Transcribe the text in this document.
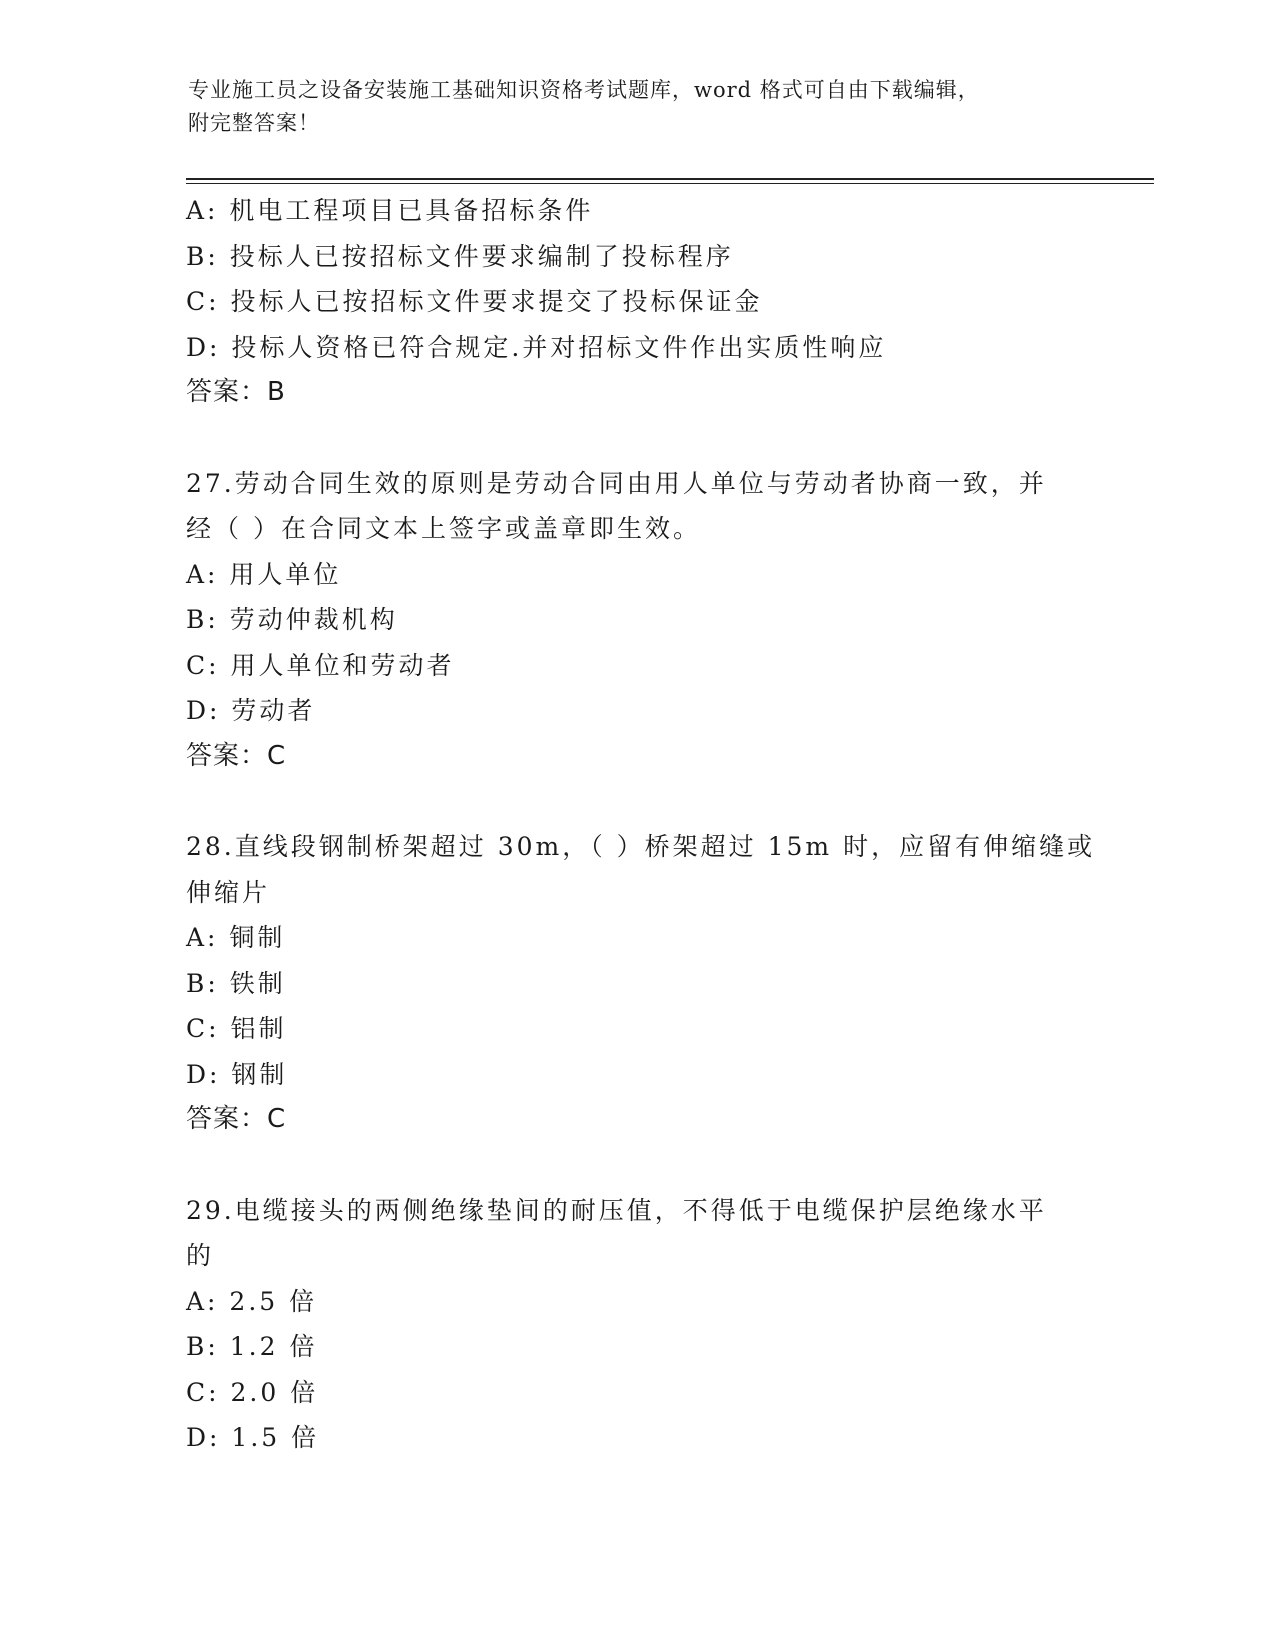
专业施工员之设备安装施工基础知识资格考试题库，word 格式可自由下载编辑，
附完整答案！
A: 机电工程项目已具备招标条件
B: 投标人已按招标文件要求编制了投标程序
C: 投标人已按招标文件要求提交了投标保证金
D: 投标人资格已符合规定.并对招标文件作出实质性响应
答案：B
27.劳动合同生效的原则是劳动合同由用人单位与劳动者协商一致，并
经（ ）在合同文本上签字或盖章即生效。
A: 用人单位
B: 劳动仲裁机构
C: 用人单位和劳动者
D: 劳动者
答案：C
28.直线段钢制桥架超过 30m，（ ）桥架超过 15m 时，应留有伸缩缝或
伸缩片
A: 铜制
B: 铁制
C: 铝制
D: 钢制
答案：C
29.电缆接头的两侧绝缘垫间的耐压值，不得低于电缆保护层绝缘水平
的
A: 2.5 倍
B: 1.2 倍
C: 2.0 倍
D: 1.5 倍
